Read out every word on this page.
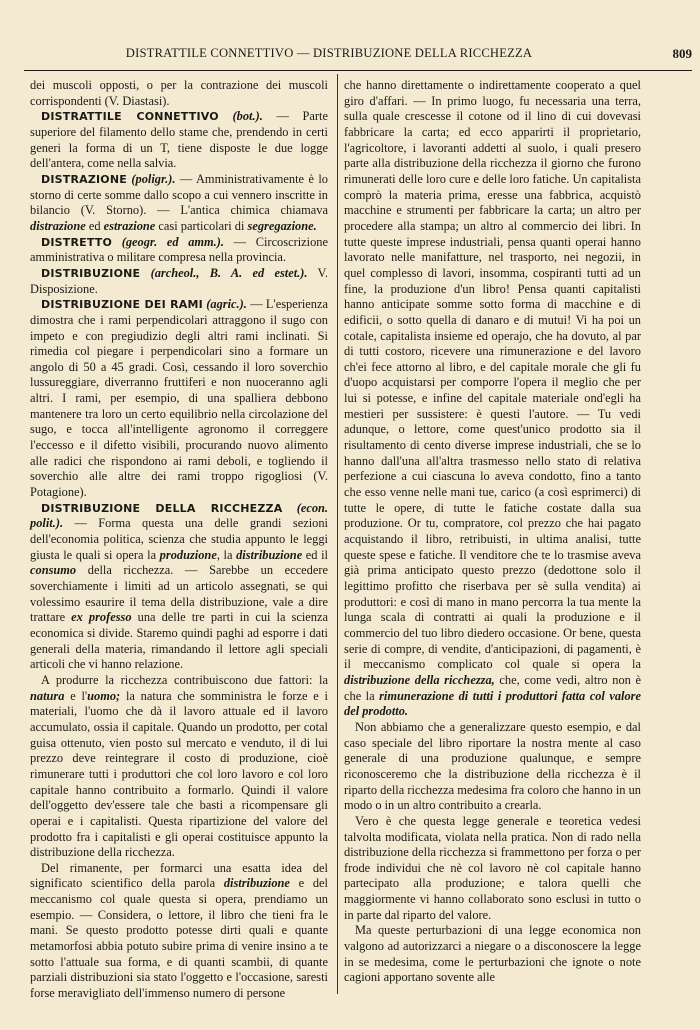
DISTRATTILE CONNETTIVO — DISTRIBUZIONE DELLA RICCHEZZA	809

dei muscoli opposti, o per la contrazione dei muscoli corrispondenti (V. Diastasi).

DISTRATTILE CONNETTIVO (bot.). — Parte superiore del filamento dello stame che, prendendo in certi generi la forma di un T, tiene disposte le due logge dell'antera, come nella salvia.

DISTRAZIONE (poligr.). — Amministrativamente è lo storno di certe somme dallo scopo a cui vennero inscritte in bilancio (V. Storno). — L'antica chimica chiamava distrazione ed estrazione casi particolari di segregazione.

DISTRETTO (geogr. ed amm.). — Circoscrizione amministrativa o militare compresa nella provincia.

DISTRIBUZIONE (archeol., B. A. ed estet.). V. Disposizione.

DISTRIBUZIONE DEI RAMI (agric.). — L'esperienza dimostra che i rami perpendicolari attraggono il sugo con impeto e con pregiudizio degli altri rami inclinati. Si rimedia col piegare i perpendicolari sino a formare un angolo di 50 a 45 gradi. Così, cessando il loro soverchio lussureggiare, diverranno fruttiferi e non nuoceranno agli altri. I rami, per esempio, di una spalliera debbono mantenere tra loro un certo equilibrio nella circolazione del sugo, e tocca all'intelligente agronomo il correggere l'eccesso e il difetto visibili, procurando nuovo alimento alle radici che rispondono ai rami deboli, e togliendo il soverchio alle altre dei rami troppo rigogliosi (V. Potagione).

DISTRIBUZIONE DELLA RICCHEZZA (econ. polit.). — Forma questa una delle grandi sezioni dell'economia politica, scienza che studia appunto le leggi giusta le quali si opera la produzione, la distribuzione ed il consumo della ricchezza. — Sarebbe un eccedere soverchiamente i limiti ad un articolo assegnati, se qui volessimo esaurire il tema della distribuzione, vale a dire trattare ex professo una delle tre parti in cui la scienza economica si divide. Staremo quindi paghi ad esporre i dati generali della materia, rimandando il lettore agli speciali articoli che vi hanno relazione.

A produrre la ricchezza contribuiscono due fattori: la natura e l'uomo; la natura che somministra le forze e i materiali, l'uomo che dà il lavoro attuale ed il lavoro accumulato, ossia il capitale. Quando un prodotto, per cotal guisa ottenuto, vien posto sul mercato e venduto, il di lui prezzo deve reintegrare il costo di produzione, cioè rimunerare tutti i produttori che col loro lavoro e col loro capitale hanno contribuito a formarlo. Quindi il valore dell'oggetto dev'essere tale che basti a ricompensare gli operai e i capitalisti. Questa ripartizione del valore del prodotto fra i capitalisti e gli operai costituisce appunto la distribuzione della ricchezza.

Del rimanente, per formarci una esatta idea del significato scientifico della parola distribuzione e del meccanismo col quale questa si opera, prendiamo un esempio. — Considera, o lettore, il libro che tieni fra le mani. Se questo prodotto potesse dirti quali e quante metamorfosi abbia potuto subire prima di venire insino a te sotto l'attuale sua forma, e di quanti scambii, di quante parziali distribuzioni sia stato l'oggetto e l'occasione, saresti forse meravigliato dell'immenso numero di persone

che hanno direttamente o indirettamente cooperato a quel giro d'affari. — In primo luogo, fu necessaria una terra, sulla quale crescesse il cotone od il lino di cui dovevasi fabbricare la carta; ed ecco apparirti il proprietario, l'agricoltore, i lavoranti addetti al suolo, i quali presero parte alla distribuzione della ricchezza il giorno che furono rimunerati delle loro cure e delle loro fatiche. Un capitalista comprò la materia prima, eresse una fabbrica, acquistò macchine e strumenti per fabbricare la carta; un altro per procedere alla stampa; un altro al commercio dei libri. In tutte queste imprese industriali, pensa quanti operai hanno lavorato nelle manifatture, nel trasporto, nei negozii, in quel complesso di lavori, insomma, cospiranti tutti ad un fine, la produzione d'un libro! Pensa quanti capitalisti hanno anticipate somme sotto forma di macchine e di edificii, o sotto quella di danaro e di mutui! Vi ha poi un cotale, capitalista insieme ed operajo, che ha dovuto, al par di tutti costoro, ricevere una rimunerazione e del lavoro ch'ei fece attorno al libro, e del capitale morale che gli fu d'uopo acquistarsi per comporre l'opera il meglio che per lui si potesse, e infine del capitale materiale ond'egli ha mestieri per sussistere: è questi l'autore. — Tu vedi adunque, o lettore, come quest'unico prodotto sia il risultamento di cento diverse imprese industriali, che se lo hanno dall'una all'altra trasmesso nello stato di relativa perfezione a cui ciascuna lo aveva condotto, fino a tanto che esso venne nelle mani tue, carico (a così esprimerci) di tutte le opere, di tutte le fatiche costate dalla sua produzione. Or tu, compratore, col prezzo che hai pagato acquistando il libro, retribuisti, in ultima analisi, tutte queste spese e fatiche. Il venditore che te lo trasmise aveva già prima anticipato questo prezzo (dedottone solo il legittimo profitto che riserbava per sè sulla vendita) ai produttori: e così di mano in mano percorra la tua mente la lunga scala di contratti ai quali la produzione e il commercio del tuo libro diedero occasione. Or bene, questa serie di compre, di vendite, d'anticipazioni, di pagamenti, è il meccanismo complicato col quale si opera la distribuzione della ricchezza, che, come vedi, altro non è che la rimunerazione di tutti i produttori fatta col valore del prodotto.

Non abbiamo che a generalizzare questo esempio, e dal caso speciale del libro riportare la nostra mente al caso generale di una produzione qualunque, e sempre riconosceremo che la distribuzione della ricchezza è il riparto della ricchezza medesima fra coloro che hanno in un modo o in un altro contribuito a crearla.

Vero è che questa legge generale e teoretica vedesi talvolta modificata, violata nella pratica. Non di rado nella distribuzione della ricchezza si frammettono per forza o per frode individui che nè col lavoro nè col capitale hanno partecipato alla produzione; e talora quelli che maggiormente vi hanno collaborato sono esclusi in tutto o in parte dal riparto del valore.

Ma queste perturbazioni di una legge economica non valgono ad autorizzarci a niegare o a disconoscere la legge in se medesima, come le perturbazioni che ignote o note cagioni apportano sovente alle
